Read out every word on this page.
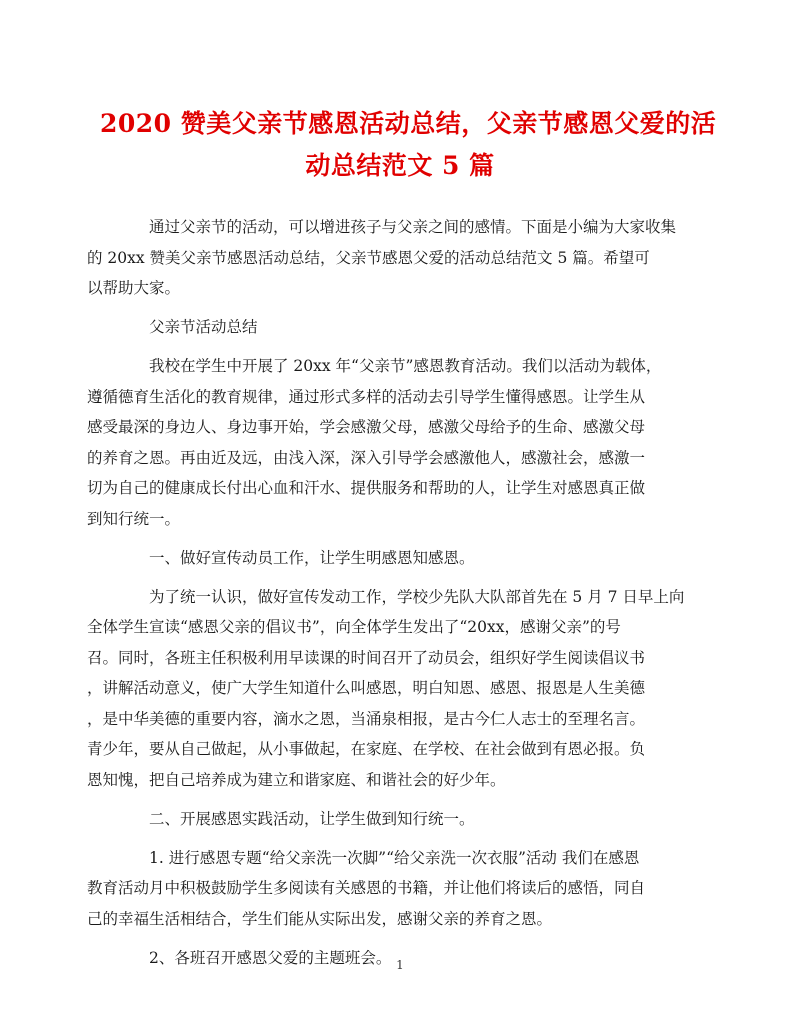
2020 赞美父亲节感恩活动总结，父亲节感恩父爱的活
动总结范文 5 篇

通过父亲节的活动，可以增进孩子与父亲之间的感情。下面是小编为大家收集
的 20xx 赞美父亲节感恩活动总结，父亲节感恩父爱的活动总结范文 5 篇。希望可
以帮助大家。

父亲节活动总结

我校在学生中开展了 20xx 年“父亲节”感恩教育活动。我们以活动为载体，
遵循德育生活化的教育规律，通过形式多样的活动去引导学生懂得感恩。让学生从
感受最深的身边人、身边事开始，学会感激父母，感激父母给予的生命、感激父母
的养育之恩。再由近及远，由浅入深，深入引导学会感激他人，感激社会，感激一
切为自己的健康成长付出心血和汗水、提供服务和帮助的人，让学生对感恩真正做
到知行统一。

一、做好宣传动员工作，让学生明感恩知感恩。

为了统一认识，做好宣传发动工作，学校少先队大队部首先在 5 月 7 日早上向
全体学生宣读“感恩父亲的倡议书”，向全体学生发出了“20xx，感谢父亲”的号
召。同时，各班主任积极利用早读课的时间召开了动员会，组织好学生阅读倡议书
，讲解活动意义，使广大学生知道什么叫感恩，明白知恩、感恩、报恩是人生美德
，是中华美德的重要内容，滴水之恩，当涌泉相报，是古今仁人志士的至理名言。
青少年，要从自己做起，从小事做起，在家庭、在学校、在社会做到有恩必报。负
恩知愧，把自己培养成为建立和谐家庭、和谐社会的好少年。

二、开展感恩实践活动，让学生做到知行统一。

1. 进行感恩专题“给父亲洗一次脚”“给父亲洗一次衣服”活动 我们在感恩
教育活动月中积极鼓励学生多阅读有关感恩的书籍，并让他们将读后的感悟，同自
己的幸福生活相结合，学生们能从实际出发，感谢父亲的养育之恩。

2、各班召开感恩父爱的主题班会。 1
